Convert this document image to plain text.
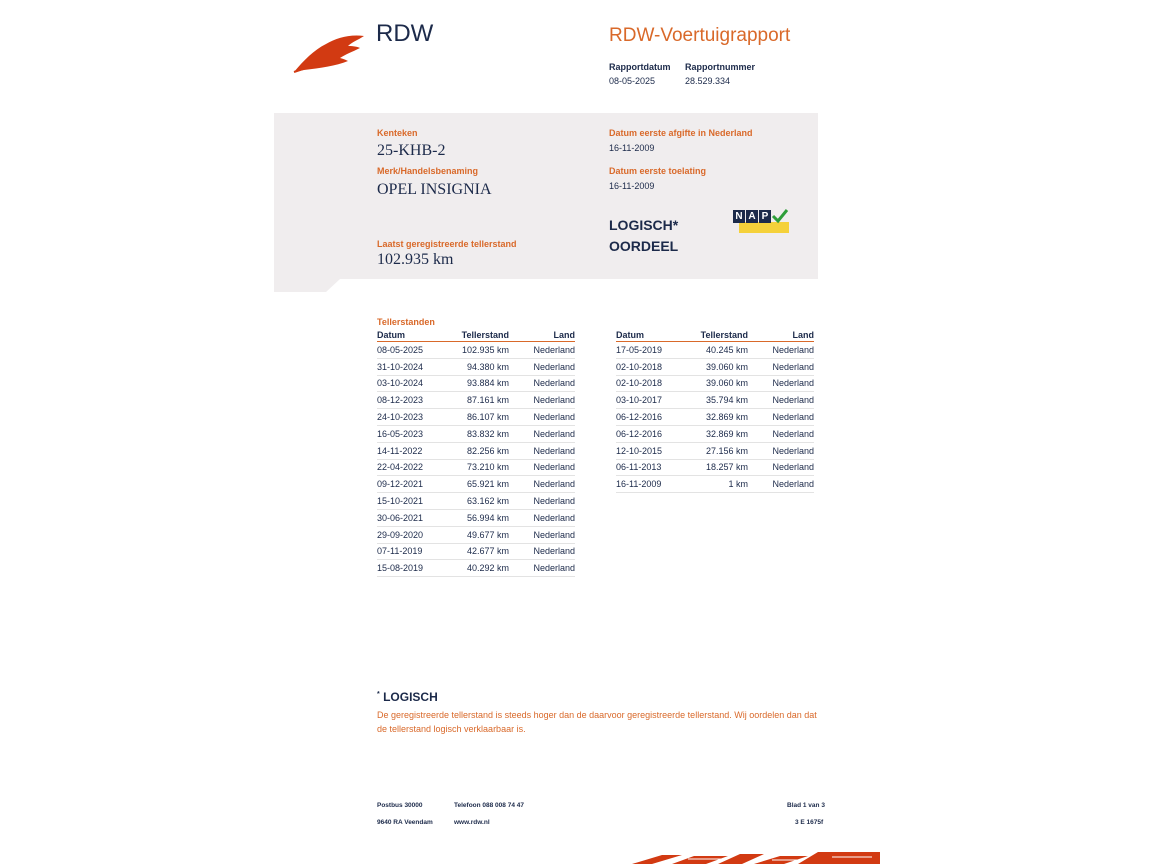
RDW	RDW-Voertuigrapport
Rapportdatum Rapportnummer
08-05-2025	28.529.334
Kenteken
25-KHB-2
Merk/Handelsbenaming
OPEL INSIGNIA
Laatst geregistreerde tellerstand
102.935 km
Datum eerste afgifte in Nederland
16-11-2009
Datum eerste toelating
16-11-2009
LOGISCH*
OORDEEL
N A P
Tellerstanden
Datum	Tellerstand	Land
08-05-2025	102.935 km	Nederland
31-10-2024	94.380 km	Nederland
03-10-2024	93.884 km	Nederland
08-12-2023	87.161 km	Nederland
24-10-2023	86.107 km	Nederland
16-05-2023	83.832 km	Nederland
14-11-2022	82.256 km	Nederland
22-04-2022	73.210 km	Nederland
09-12-2021	65.921 km	Nederland
15-10-2021	63.162 km	Nederland
30-06-2021	56.994 km	Nederland
29-09-2020	49.677 km	Nederland
07-11-2019	42.677 km	Nederland
15-08-2019	40.292 km	Nederland
Datum	Tellerstand	Land
17-05-2019	40.245 km	Nederland
02-10-2018	39.060 km	Nederland
02-10-2018	39.060 km	Nederland
03-10-2017	35.794 km	Nederland
06-12-2016	32.869 km	Nederland
06-12-2016	32.869 km	Nederland
12-10-2015	27.156 km	Nederland
06-11-2013	18.257 km	Nederland
16-11-2009	1 km	Nederland
* LOGISCH
De geregistreerde tellerstand is steeds hoger dan de daarvoor geregistreerde tellerstand. Wij oordelen dan dat de tellerstand logisch verklaarbaar is.
Postbus 30000
9640 RA Veendam
Telefoon 088 008 74 47
www.rdw.nl
Blad 1 van 3
3 E 1675f
